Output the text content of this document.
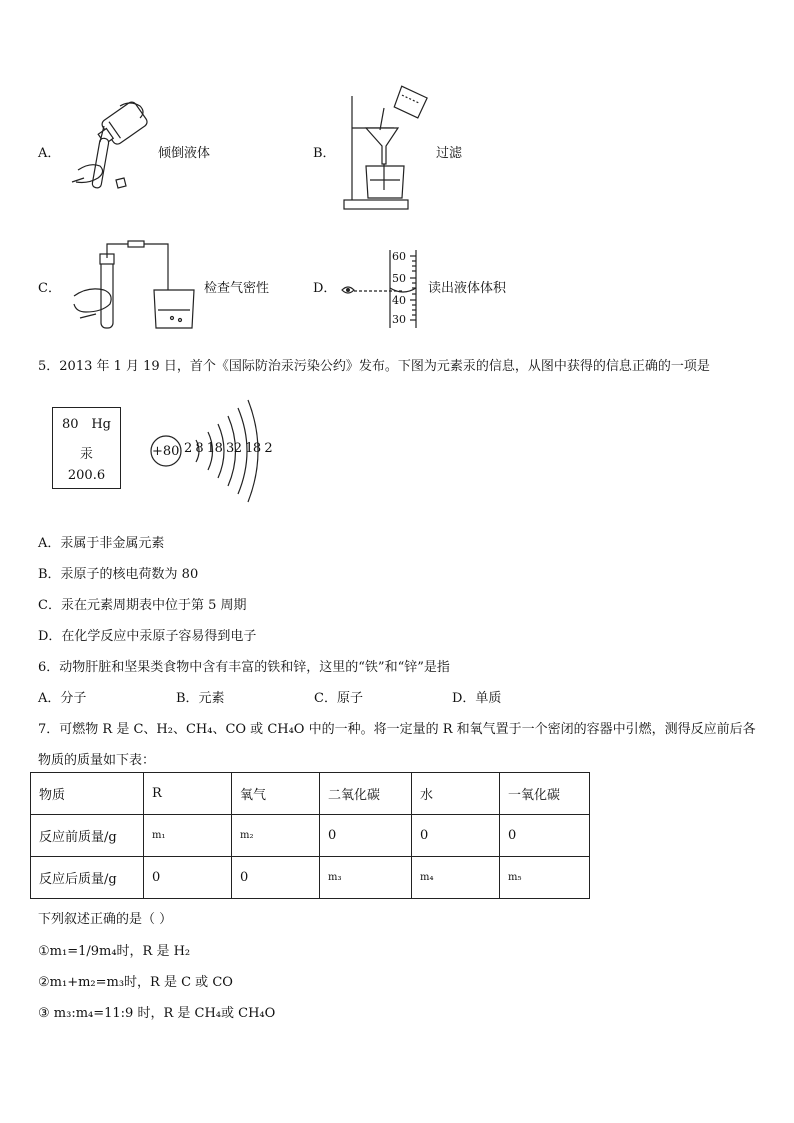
A．	倾倒液体	B．	过滤
C．	检查气密性	D．
60
50
40
30
读出液体体积
5．2013 年 1 月 19 日，首个《国际防治汞污染公约》发布。下图为元素汞的信息，从图中获得的信息正确的一项是
80 Hg
汞
200.6
+80 2 8 18 32 18 2
A．汞属于非金属元素
B．汞原子的核电荷数为 80
C．汞在元素周期表中位于第 5 周期
D．在化学反应中汞原子容易得到电子
6．动物肝脏和坚果类食物中含有丰富的铁和锌，这里的“铁”和“锌”是指
A．分子	B．元素	C．原子	D．单质
7．可燃物 R 是 C、H₂、CH₄、CO 或 CH₄O 中的一种。将一定量的 R 和氧气置于一个密闭的容器中引燃，测得反应前后各
物质的质量如下表：
物质	R	氧气	二氧化碳	水	一氧化碳
反应前质量/g	m₁	m₂	0	0	0
反应后质量/g	0	0	m₃	m₄	m₅
下列叙述正确的是（ ）
①m₁=1/9m₄时，R 是 H₂
②m₁+m₂=m₃时，R 是 C 或 CO
③ m₃:m₄=11:9 时，R 是 CH₄或 CH₄O
